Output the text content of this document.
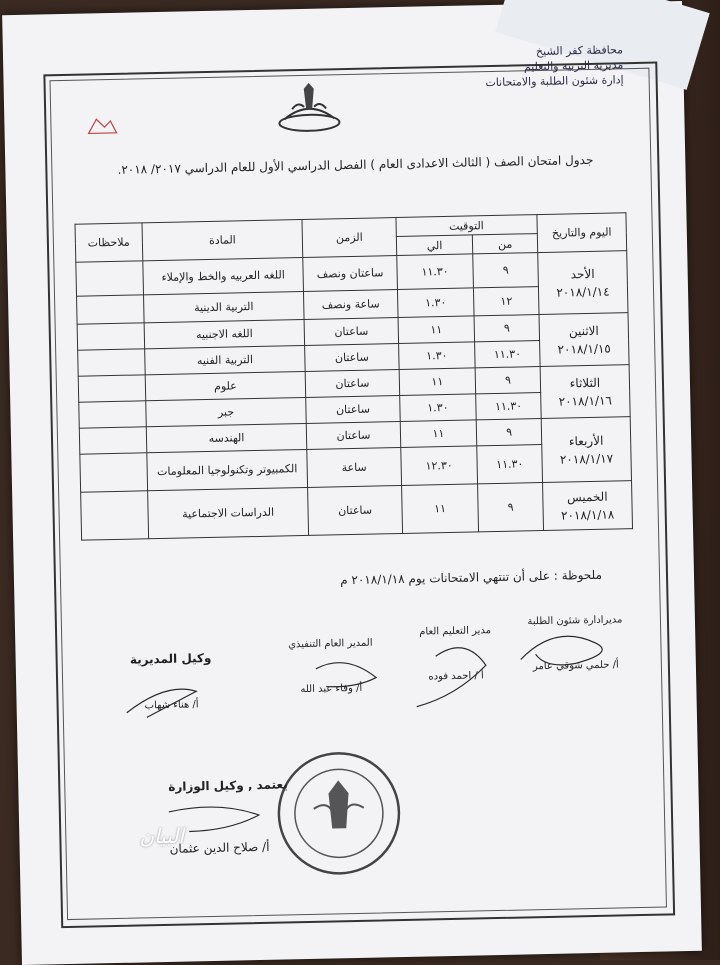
محافظة كفر الشيخ
مديرية التربية والتعليم
إدارة شئون الطلبة والامتحانات
جدول امتحان الصف ( الثالث الاعدادى العام ) الفصل الدراسي الأول للعام الدراسي ٢٠١٧/ ٢٠١٨.
اليوم والتاريخ	التوقيت		الزمن	المادة	ملاحظات
	من	الي			

الأحد
٢٠١٨/١/١٤	٩	١١.٣٠	ساعتان ونصف	اللغه العربيه والخط والإملاء	
	١٢	١.٣٠	ساعة ونصف	التربية الدينية	

الاثنين
٢٠١٨/١/١٥	٩	١١	ساعتان	اللغه الاجنبيه	
	١١.٣٠	١.٣٠	ساعتان	التربية الفنيه	

الثلاثاء
٢٠١٨/١/١٦	٩	١١	ساعتان	علوم	
	١١.٣٠	١.٣٠	ساعتان	جبر	

الأربعاء
٢٠١٨/١/١٧	٩	١١	ساعتان	الهندسه	
	١١.٣٠	١٢.٣٠	ساعة	الكمبيوتر وتكنولوجيا المعلومات	

الخميس
٢٠١٨/١/١٨	٩	١١	ساعتان	الدراسات الاجتماعية	
ملحوظة : على أن تنتهي الامتحانات يوم ٢٠١٨/١/١٨ م
مديرادارة شئون الطلبة
أ/ حلمي شوقي عامر
مدير التعليم العام
أ / احمد فوده
المدير العام التنفيذي
أ/ وفاء عبد الله
وكيل المديرية
أ/ هناء شهاب
يعتمد , وكيل الوزارة
أ/ صلاح الدين عثمان
البيان
